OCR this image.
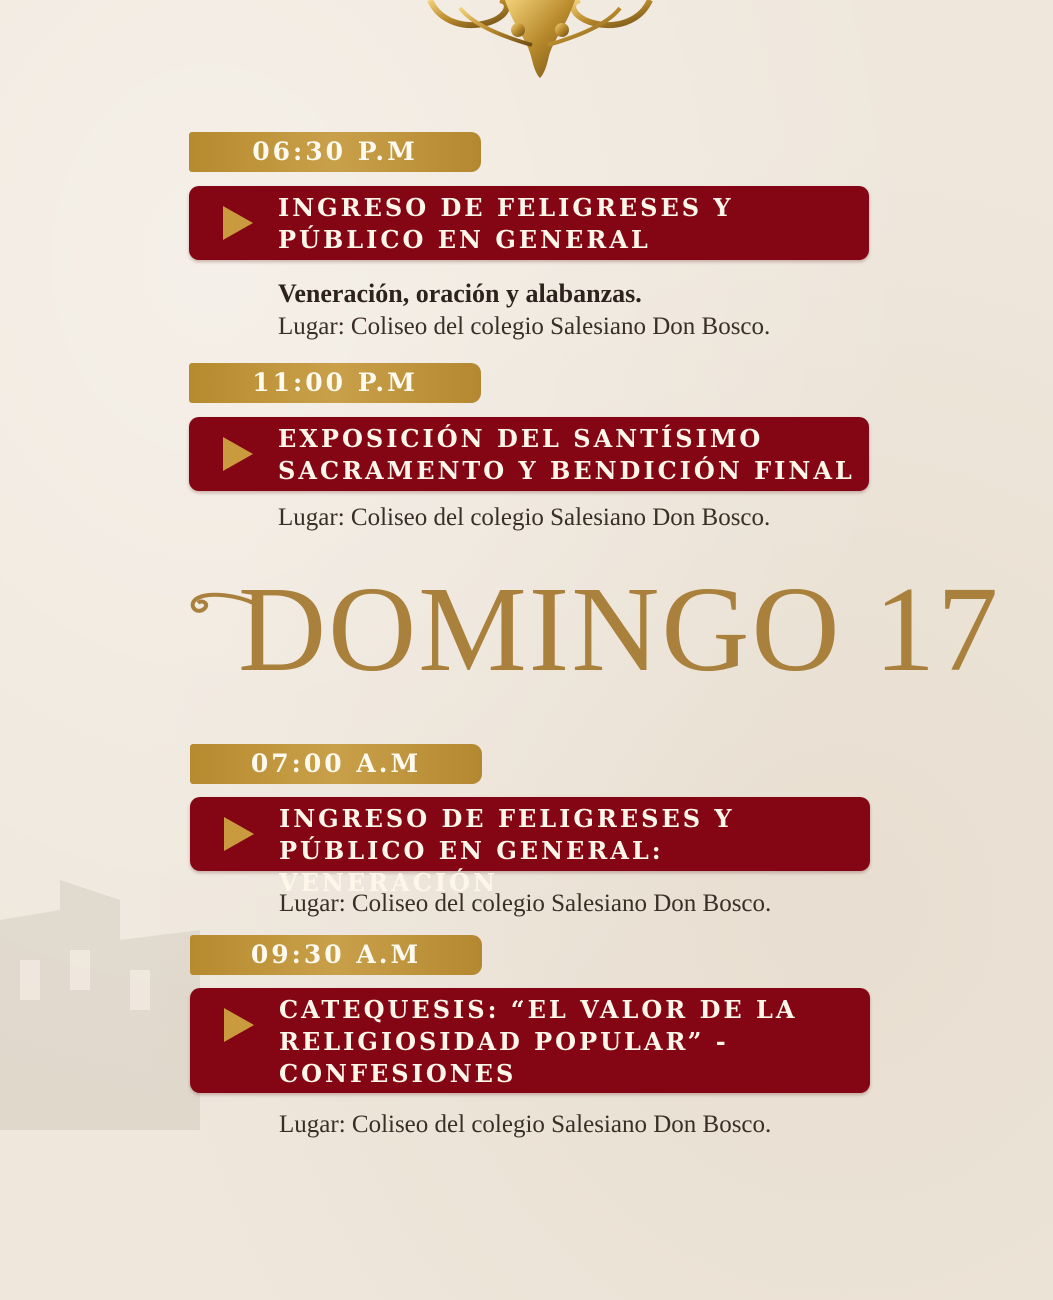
06:30 P.M
INGRESO DE FELIGRESES Y
PÚBLICO EN GENERAL
Veneración, oración y alabanzas.
Lugar: Coliseo del colegio Salesiano Don Bosco.
11:00 P.M
EXPOSICIÓN DEL SANTÍSIMO
SACRAMENTO Y BENDICIÓN FINAL
Lugar: Coliseo del colegio Salesiano Don Bosco.
DOMINGO 17
07:00 A.M
INGRESO DE FELIGRESES Y
PÚBLICO EN GENERAL: VENERACIÓN
Lugar: Coliseo del colegio Salesiano Don Bosco.
09:30 A.M
CATEQUESIS: “EL VALOR DE LA
RELIGIOSIDAD POPULAR” -
CONFESIONES
Lugar: Coliseo del colegio Salesiano Don Bosco.
